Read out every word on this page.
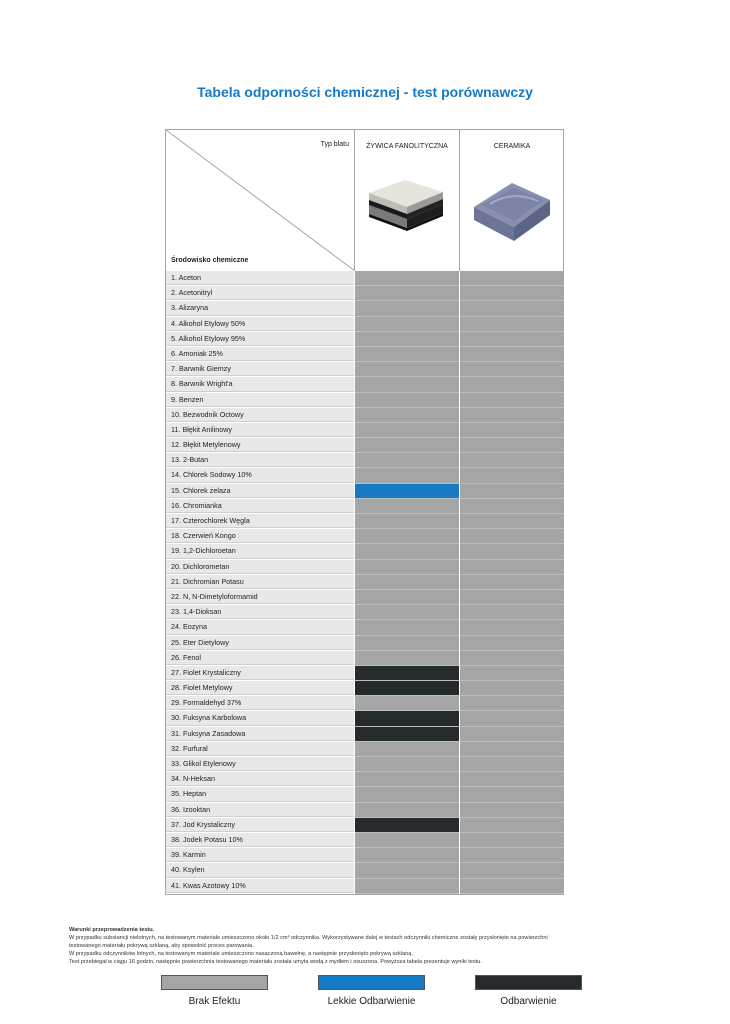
Tabela odporności chemicznej - test porównawczy
Typ blatu
Środowisko chemiczne
ŻYWICA FANOLITYCZNA	CERAMIKA
1. Aceton
2. Acetonitryl
3. Alizaryna
4. Alkohol Etylowy 50%
5. Alkohol Etylowy 95%
6. Amoniak 25%
7. Barwnik Giemzy
8. Barwnik Wright'a
9. Benzen
10. Bezwodnik Octowy
11. Błękit Anilinowy
12. Błękit Metylenowy
13. 2-Butan
14. Chlorek Sodowy 10%
15. Chlorek żelaza
16. Chromianka
17. Czterochlorek Węgla
18. Czerwień Kongo
19. 1,2-Dichloroetan
20. Dichlorometan
21. Dichromian Potasu
22. N, N-Dimetyloformamid
23. 1,4-Dioksan
24. Eozyna
25. Eter Dietylowy
26. Fenol
27. Fiolet Krystaliczny
28. Fiolet Metylowy
29. Formaldehyd 37%
30. Fuksyna Karbolowa
31. Fuksyna Zasadowa
32. Furfural
33. Glikol Etylenowy
34. N-Heksan
35. Heptan
36. Izooktan
37. Jod Krystaliczny
38. Jodek Potasu 10%
39. Karmin
40. Ksylen
41. Kwas Azotowy 10%
Warunki przeprowadzenia testu.
W przypadku substancji nielotnych, na testowanym materiale umieszczono około 1/2 cm³ odczynnika. Wykorzystywane dalej w testach odczynniki chemiczne zostały przysłonięte na powierzchni
testowanego materiału pokrywą szklaną, aby spowolnić proces parowania.
W przypadku odczynników lotnych, na testowanym materiale umieszczono nasączoną bawełnę, a następnie przysłonięto pokrywą szklaną.
Test przebiegał w ciągu 16 godzin, następnie powierzchnia testowanego materiału została umyta wodą z mydłem i osuszona. Powyższa tabela prezentuje wyniki testu.
Brak Efektu	Lekkie Odbarwienie	Odbarwienie
